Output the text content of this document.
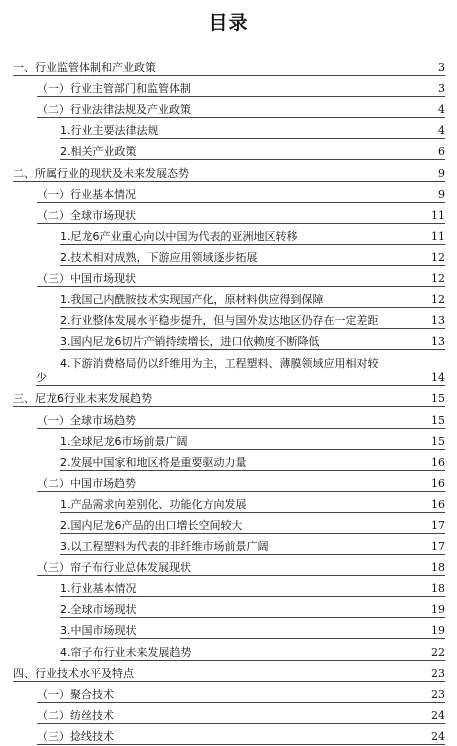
目录
一、行业监管体制和产业政策	3
（一）行业主管部门和监管体制	3
（二）行业法律法规及产业政策	4
1.行业主要法律法规	4
2.相关产业政策	6
二、所属行业的现状及未来发展态势	9
（一）行业基本情况	9
（二）全球市场现状	11
1.尼龙6产业重心向以中国为代表的亚洲地区转移	11
2.技术相对成熟，下游应用领域逐步拓展	12
（三）中国市场现状	12
1.我国己内酰胺技术实现国产化，原材料供应得到保障	12
2.行业整体发展水平稳步提升，但与国外发达地区仍存在一定差距	13
3.国内尼龙6切片产销持续增长，进口依赖度不断降低	13
4.下游消费格局仍以纤维用为主，工程塑料、薄膜领域应用相对较
少	14
三、尼龙6行业未来发展趋势	15
（一）全球市场趋势	15
1.全球尼龙6市场前景广阔	15
2.发展中国家和地区将是重要驱动力量	16
（二）中国市场趋势	16
1.产品需求向差别化、功能化方向发展	16
2.国内尼龙6产品的出口增长空间较大	17
3.以工程塑料为代表的非纤维市场前景广阔	17
（三）帘子布行业总体发展现状	18
1.行业基本情况	18
2.全球市场现状	19
3.中国市场现状	19
4.帘子布行业未来发展趋势	22
四、行业技术水平及特点	23
（一）聚合技术	23
（二）纺丝技术	24
（三）捻线技术	24
